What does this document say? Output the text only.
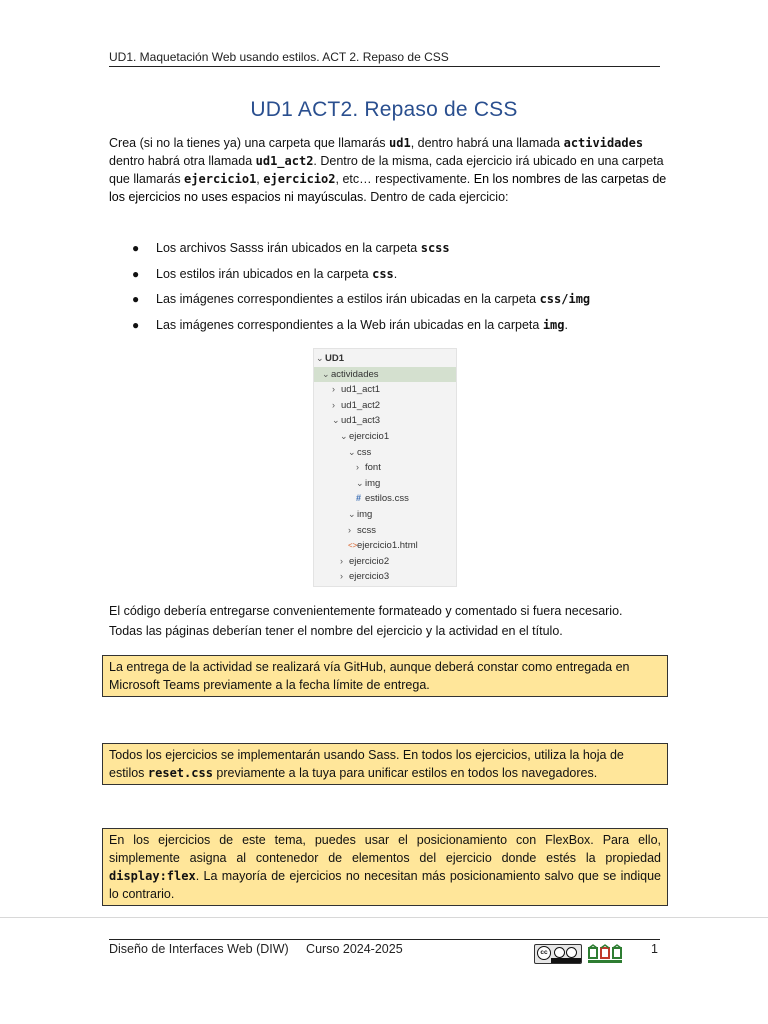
UD1. Maquetación Web usando estilos. ACT 2. Repaso de CSS
UD1 ACT2. Repaso de CSS
Crea (si no la tienes ya) una carpeta que llamarás ud1, dentro habrá una llamada actividades dentro habrá otra llamada ud1_act2. Dentro de la misma, cada ejercicio irá ubicado en una carpeta que llamarás ejercicio1, ejercicio2, etc… respectivamente. En los nombres de las carpetas de los ejercicios no uses espacios ni mayúsculas. Dentro de cada ejercicio:
● Los archivos Sasss irán ubicados en la carpeta scss
● Los estilos irán ubicados en la carpeta css.
● Las imágenes correspondientes a estilos irán ubicadas en la carpeta css/img
● Las imágenes correspondientes a la Web irán ubicadas en la carpeta img.
⌄UD1
⌄actividades
› ud1_act1
› ud1_act2
⌄ud1_act3
⌄ejercicio1
⌄css
› font
⌄img
# estilos.css
⌄img
› scss
<>ejercicio1.html
› ejercicio2
› ejercicio3
El código debería entregarse convenientemente formateado y comentado si fuera necesario.
Todas las páginas deberían tener el nombre del ejercicio y la actividad en el título.
La entrega de la actividad se realizará vía GitHub, aunque deberá constar como entregada en Microsoft Teams previamente a la fecha límite de entrega.
Todos los ejercicios se implementarán usando Sass. En todos los ejercicios, utiliza la hoja de estilos reset.css previamente a la tuya para unificar estilos en todos los navegadores.
En los ejercicios de este tema, puedes usar el posicionamiento con FlexBox. Para ello, simplemente asigna al contenedor de elementos del ejercicio donde estés la propiedad display:flex. La mayoría de ejercicios no necesitan más posicionamiento salvo que se indique lo contrario.
Diseño de Interfaces Web (DIW)     Curso 2024-2025	cc	1
